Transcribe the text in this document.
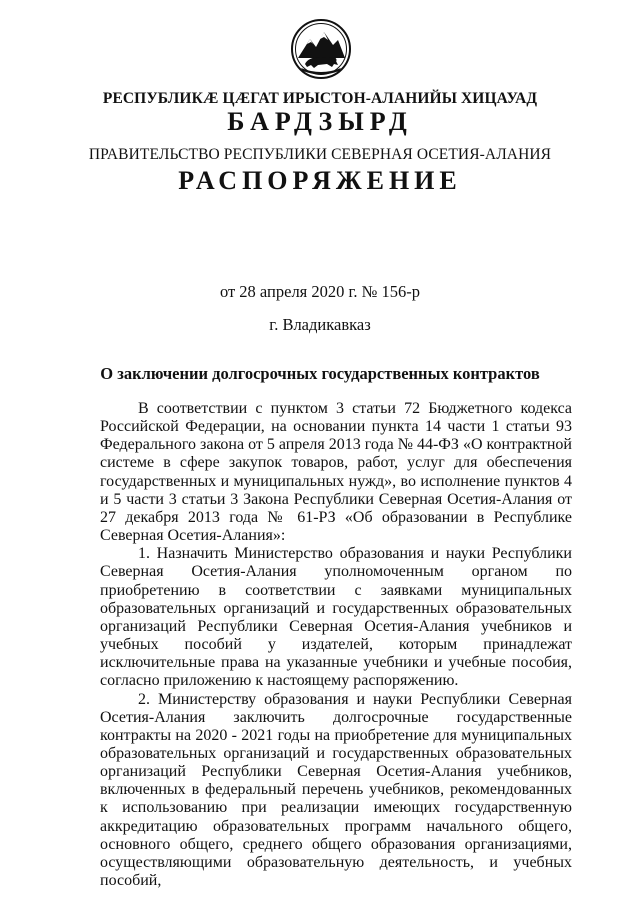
РЕСПУБЛИКӔ ЦӔГАТ ИРЫСТОН-АЛАНИЙЫ ХИЦАУАД
БАРДЗЫРД
ПРАВИТЕЛЬСТВО РЕСПУБЛИКИ СЕВЕРНАЯ ОСЕТИЯ-АЛАНИЯ
РАСПОРЯЖЕНИЕ
от 28 апреля 2020 г. № 156-р
г. Владикавказ
О заключении долгосрочных государственных контрактов

В соответствии с пунктом 3 статьи 72 Бюджетного кодекса Российской Федерации, на основании пункта 14 части 1 статьи 93 Федерального закона от 5 апреля 2013 года № 44-ФЗ «О контрактной системе в сфере закупок товаров, работ, услуг для обеспечения государственных и муниципальных нужд», во исполнение пунктов 4 и 5 части 3 статьи 3 Закона Республики Северная Осетия-Алания от 27 декабря 2013 года № 61-РЗ «Об образовании в Республике Северная Осетия-Алания»:

1. Назначить Министерство образования и науки Республики Северная Осетия-Алания уполномоченным органом по приобретению в соответствии с заявками муниципальных образовательных организаций и государственных образовательных организаций Республики Северная Осетия-Алания учебников и учебных пособий у издателей, которым принадлежат исключительные права на указанные учебники и учебные пособия, согласно приложению к настоящему распоряжению.

2. Министерству образования и науки Республики Северная Осетия-Алания заключить долгосрочные государственные контракты на 2020 - 2021 годы на приобретение для муниципальных образовательных организаций и государственных образовательных организаций Республики Северная Осетия-Алания учебников, включенных в федеральный перечень учебников, рекомендованных к использованию при реализации имеющих государственную аккредитацию образовательных программ начального общего, основного общего, среднего общего образования организациями, осуществляющими образовательную деятельность, и учебных пособий,
